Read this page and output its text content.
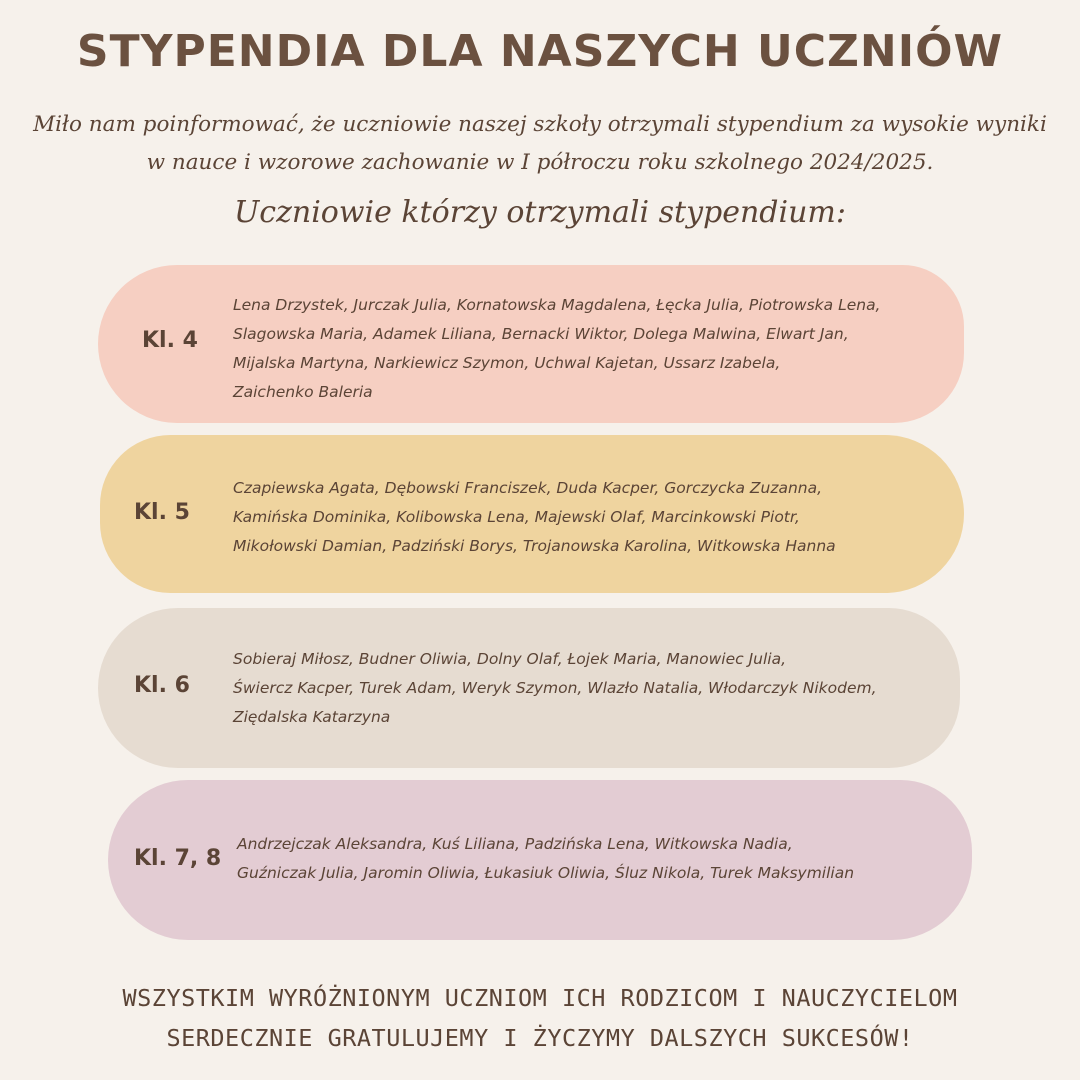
STYPENDIA DLA NASZYCH UCZNIÓW

Miło nam poinformować, że uczniowie naszej szkoły otrzymali stypendium za wysokie wyniki
w nauce i wzorowe zachowanie w I półroczu roku szkolnego 2024/2025.

Uczniowie którzy otrzymali stypendium:

Kl. 4

Lena Drzystek, Jurczak Julia, Kornatowska Magdalena, Łęcka Julia, Piotrowska Lena,
Slagowska Maria, Adamek Liliana, Bernacki Wiktor, Dolega Malwina, Elwart Jan,
Mijalska Martyna, Narkiewicz Szymon, Uchwal Kajetan, Ussarz Izabela,
Zaichenko Baleria

Kl. 5

Czapiewska Agata, Dębowski Franciszek, Duda Kacper, Gorczycka Zuzanna,
Kamińska Dominika, Kolibowska Lena, Majewski Olaf, Marcinkowski Piotr,
Mikołowski Damian, Padziński Borys, Trojanowska Karolina, Witkowska Hanna

Kl. 6

Sobieraj Miłosz, Budner Oliwia, Dolny Olaf, Łojek Maria, Manowiec Julia,
Świercz Kacper, Turek Adam, Weryk Szymon, Wlazło Natalia, Włodarczyk Nikodem,
Ziędalska Katarzyna

Kl. 7, 8

Andrzejczak Aleksandra, Kuś Liliana, Padzińska Lena, Witkowska Nadia,
Guźniczak Julia, Jaromin Oliwia, Łukasiuk Oliwia, Śluz Nikola, Turek Maksymilian

WSZYSTKIM WYRÓŻNIONYM UCZNIOM ICH RODZICOM I NAUCZYCIELOM
SERDECZNIE GRATULUJEMY I ŻYCZYMY DALSZYCH SUKCESÓW!
